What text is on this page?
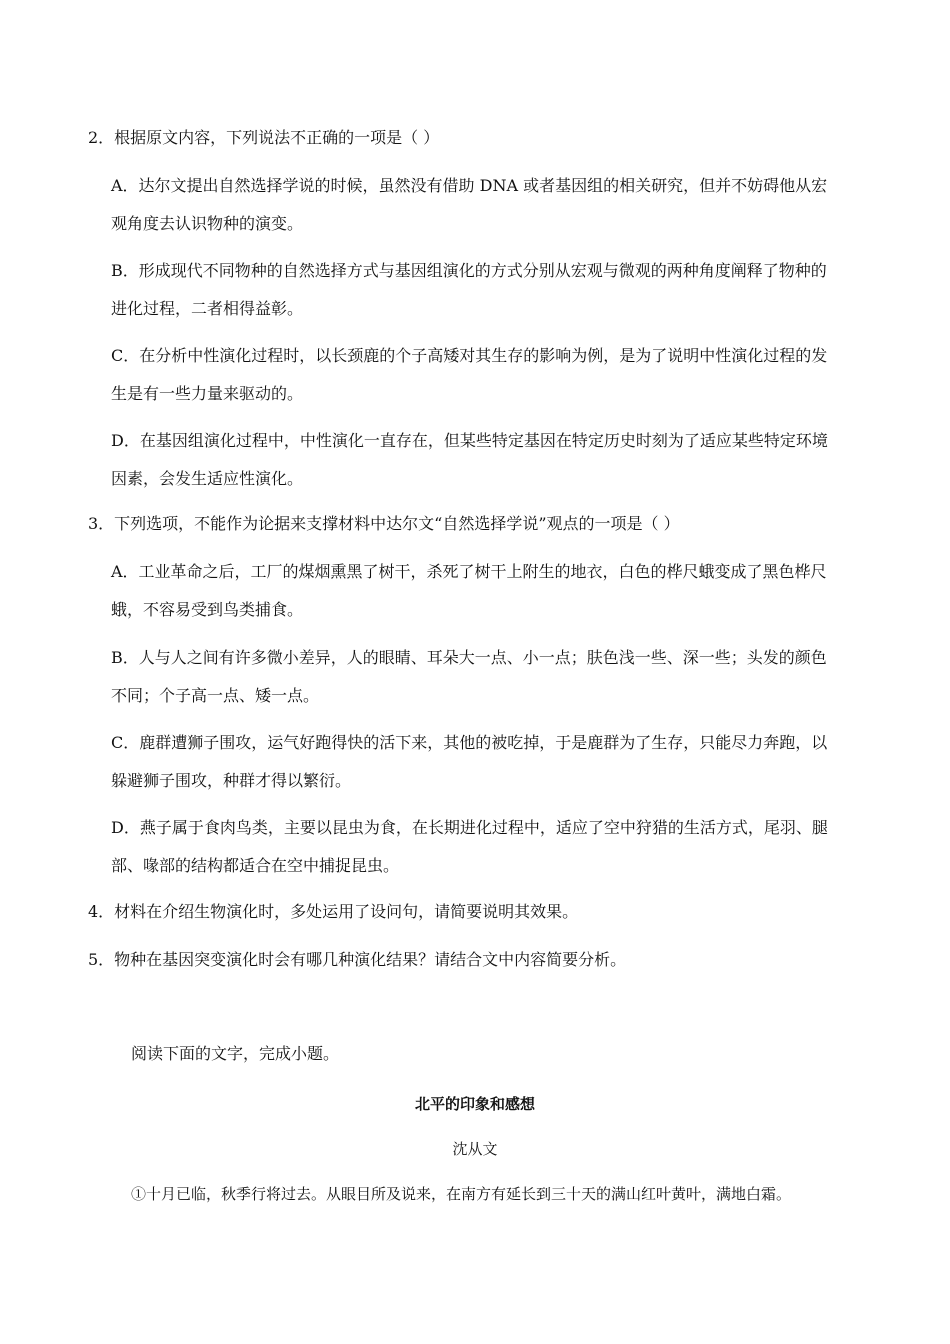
2．根据原文内容，下列说法不正确的一项是（ ）
A．达尔文提出自然选择学说的时候，虽然没有借助 DNA 或者基因组的相关研究，但并不妨碍他从宏
观角度去认识物种的演变。
B．形成现代不同物种的自然选择方式与基因组演化的方式分别从宏观与微观的两种角度阐释了物种的
进化过程，二者相得益彰。
C．在分析中性演化过程时，以长颈鹿的个子高矮对其生存的影响为例，是为了说明中性演化过程的发
生是有一些力量来驱动的。
D．在基因组演化过程中，中性演化一直存在，但某些特定基因在特定历史时刻为了适应某些特定环境
因素，会发生适应性演化。
3．下列选项，不能作为论据来支撑材料中达尔文“自然选择学说”观点的一项是（ ）
A．工业革命之后，工厂的煤烟熏黑了树干，杀死了树干上附生的地衣，白色的桦尺蛾变成了黑色桦尺
蛾，不容易受到鸟类捕食。
B．人与人之间有许多微小差异，人的眼睛、耳朵大一点、小一点；肤色浅一些、深一些；头发的颜色
不同；个子高一点、矮一点。
C．鹿群遭狮子围攻，运气好跑得快的活下来，其他的被吃掉，于是鹿群为了生存，只能尽力奔跑，以
躲避狮子围攻，种群才得以繁衍。
D．燕子属于食肉鸟类，主要以昆虫为食，在长期进化过程中，适应了空中狩猎的生活方式，尾羽、腿
部、喙部的结构都适合在空中捕捉昆虫。
4．材料在介绍生物演化时，多处运用了设问句，请简要说明其效果。
5．物种在基因突变演化时会有哪几种演化结果？请结合文中内容简要分析。
阅读下面的文字，完成小题。
北平的印象和感想
沈从文
①十月已临，秋季行将过去。从眼目所及说来，在南方有延长到三十天的满山红叶黄叶，满地白霜。
